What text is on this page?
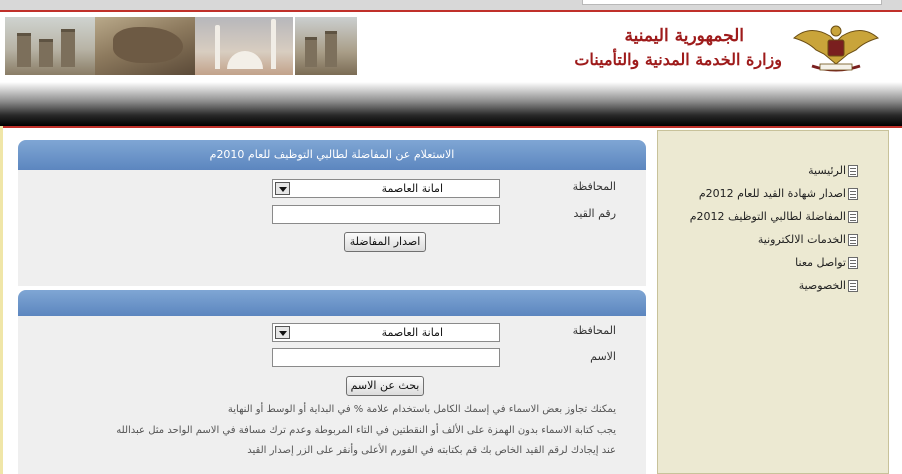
الجمهورية اليمنية
وزارة الخدمة المدنية والتأمينات
الرئيسية
اصدار شهادة القيد للعام 2012م
المفاضلة لطالبي التوظيف 2012م
الخدمات الالكترونية
تواصل معنا
الخصوصية
الاستعلام عن المفاضلة لطالبي التوظيف للعام 2010م
المحافظة
امانة العاصمة
رقم القيد
اصدار المفاضلة
المحافظة
امانة العاصمة
الاسم
بحث عن الاسم
يمكنك تجاوز بعض الاسماء في إسمك الكامل باستخدام علامة % في البداية أو الوسط أو النهاية
يجب كتابة الاسماء بدون الهمزة على الألف أو النقطتين في التاء المربوطة وعدم ترك مسافة في الاسم الواحد مثل عبدالله
عند إيجادك لرقم القيد الخاص بك قم بكتابته في الفورم الأعلى وأنقر على الزر إصدار القيد
